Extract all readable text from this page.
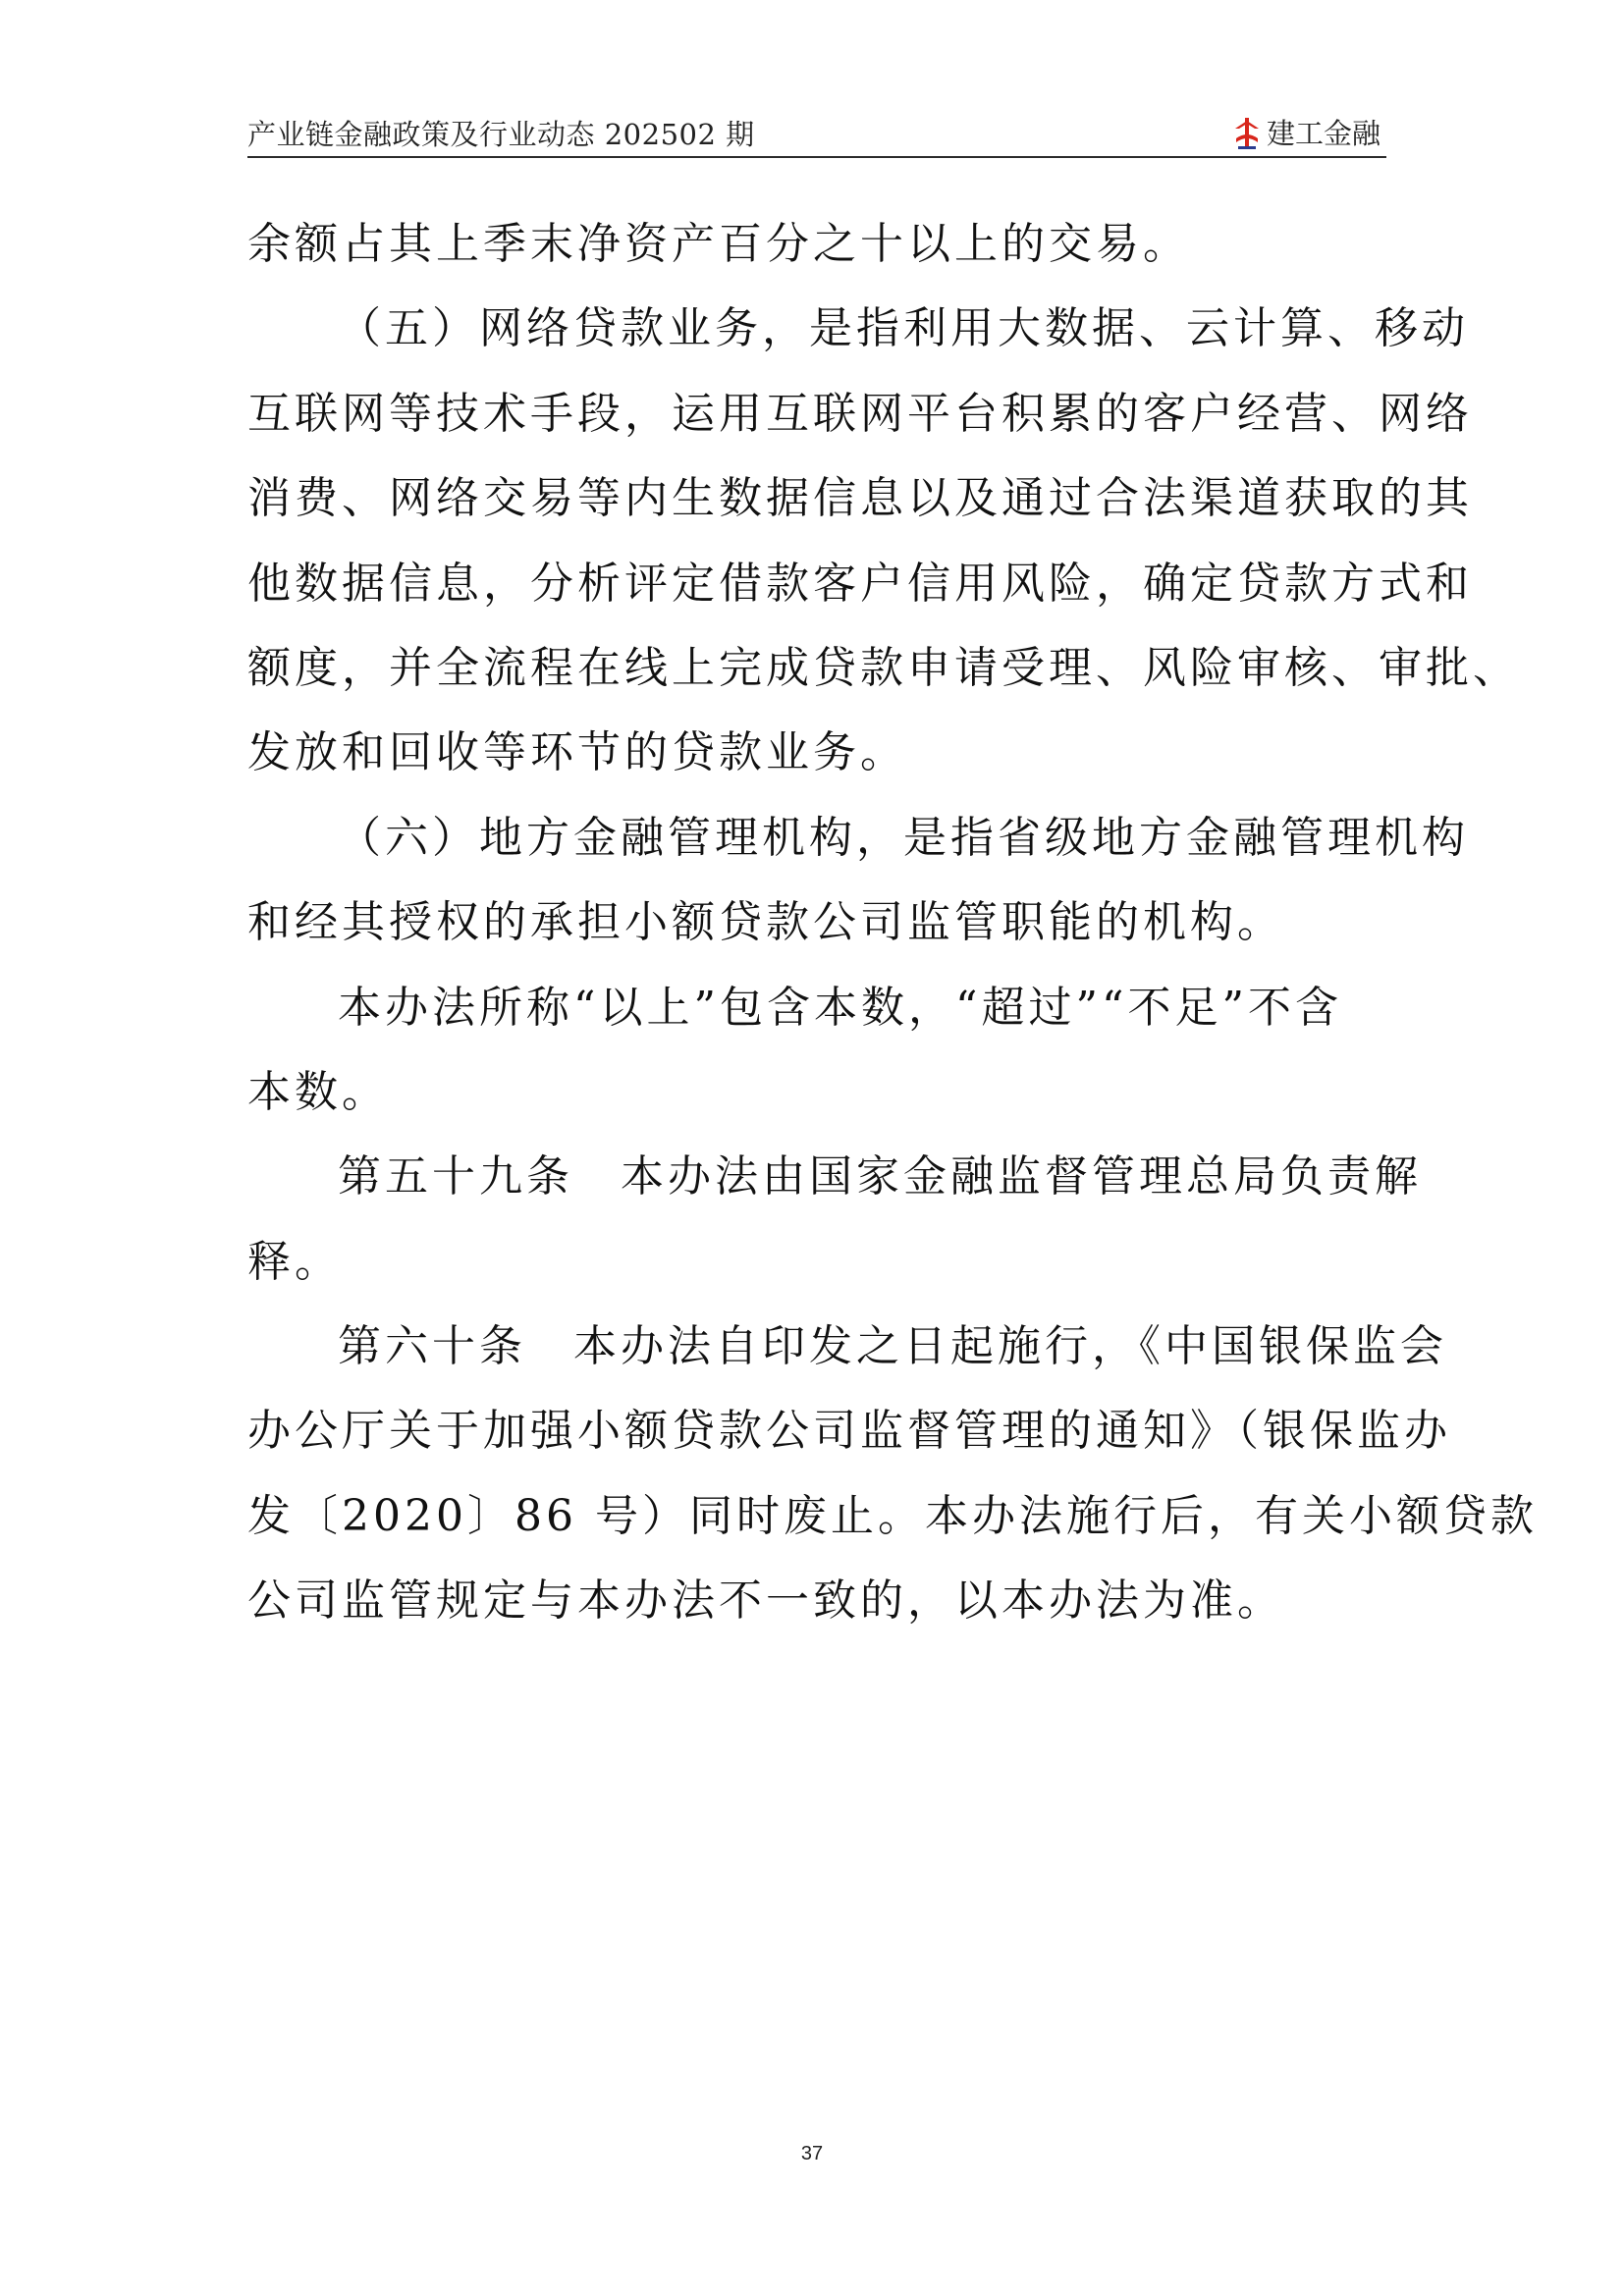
产业链金融政策及行业动态 202502 期	建工金融
余额占其上季末净资产百分之十以上的交易。
（五）网络贷款业务，是指利用大数据、云计算、移动
互联网等技术手段，运用互联网平台积累的客户经营、网络
消费、网络交易等内生数据信息以及通过合法渠道获取的其
他数据信息，分析评定借款客户信用风险，确定贷款方式和
额度，并全流程在线上完成贷款申请受理、风险审核、审批、
发放和回收等环节的贷款业务。
（六）地方金融管理机构，是指省级地方金融管理机构
和经其授权的承担小额贷款公司监管职能的机构。
本办法所称“以上”包含本数，“超过”“不足”不含
本数。
第五十九条　本办法由国家金融监督管理总局负责解
释。
第六十条　本办法自印发之日起施行，《中国银保监会
办公厅关于加强小额贷款公司监督管理的通知》（银保监办
发〔2020〕86 号）同时废止。本办法施行后，有关小额贷款
公司监管规定与本办法不一致的，以本办法为准。
37
